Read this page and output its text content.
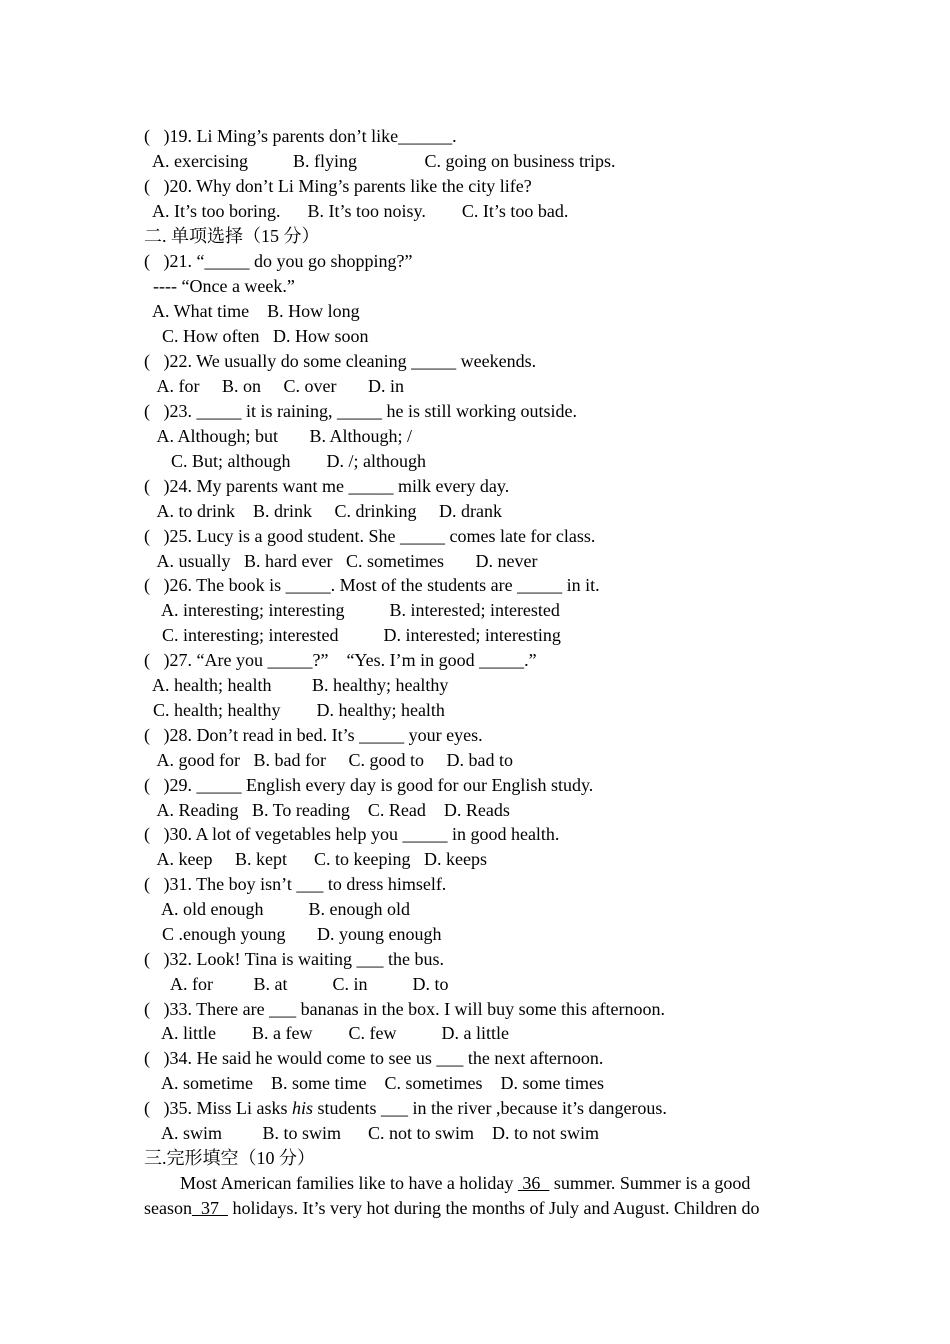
(   )19. Li Ming’s parents don’t like______.
A. exercising          B. flying               C. going on business trips.
(   )20. Why don’t Li Ming’s parents like the city life?
A. It’s too boring.      B. It’s too noisy.        C. It’s too bad.
二. 单项选择（15 分）
(   )21. “_____ do you go shopping?”
---- “Once a week.”
A. What time    B. How long
C. How often   D. How soon
(   )22. We usually do some cleaning _____ weekends.
A. for     B. on     C. over       D. in
(   )23. _____ it is raining, _____ he is still working outside.
A. Although; but       B. Although; /
C. But; although        D. /; although
(   )24. My parents want me _____ milk every day.
A. to drink    B. drink     C. drinking     D. drank
(   )25. Lucy is a good student. She _____ comes late for class.
A. usually   B. hard ever   C. sometimes       D. never
(   )26. The book is _____. Most of the students are _____ in it.
A. interesting; interesting          B. interested; interested
C. interesting; interested          D. interested; interesting
(   )27. “Are you _____?”    “Yes. I’m in good _____.”
A. health; health         B. healthy; healthy
C. health; healthy        D. healthy; health
(   )28. Don’t read in bed. It’s _____ your eyes.
A. good for   B. bad for     C. good to     D. bad to
(   )29. _____ English every day is good for our English study.
A. Reading   B. To reading    C. Read    D. Reads
(   )30. A lot of vegetables help you _____ in good health.
A. keep     B. kept      C. to keeping   D. keeps
(   )31. The boy isn’t ___ to dress himself.
A. old enough          B. enough old
C .enough young       D. young enough
(   )32. Look! Tina is waiting ___ the bus.
A. for         B. at          C. in          D. to
(   )33. There are ___ bananas in the box. I will buy some this afternoon.
A. little        B. a few        C. few          D. a little
(   )34. He said he would come to see us ___ the next afternoon.
A. sometime    B. some time    C. sometimes    D. some times
(   )35. Miss Li asks his students ___ in the river ,because it’s dangerous.
A. swim         B. to swim      C. not to swim    D. to not swim
三.完形填空（10 分）
Most American families like to have a holiday  36   summer. Summer is a good
season  37   holidays. It’s very hot during the months of July and August. Children do
